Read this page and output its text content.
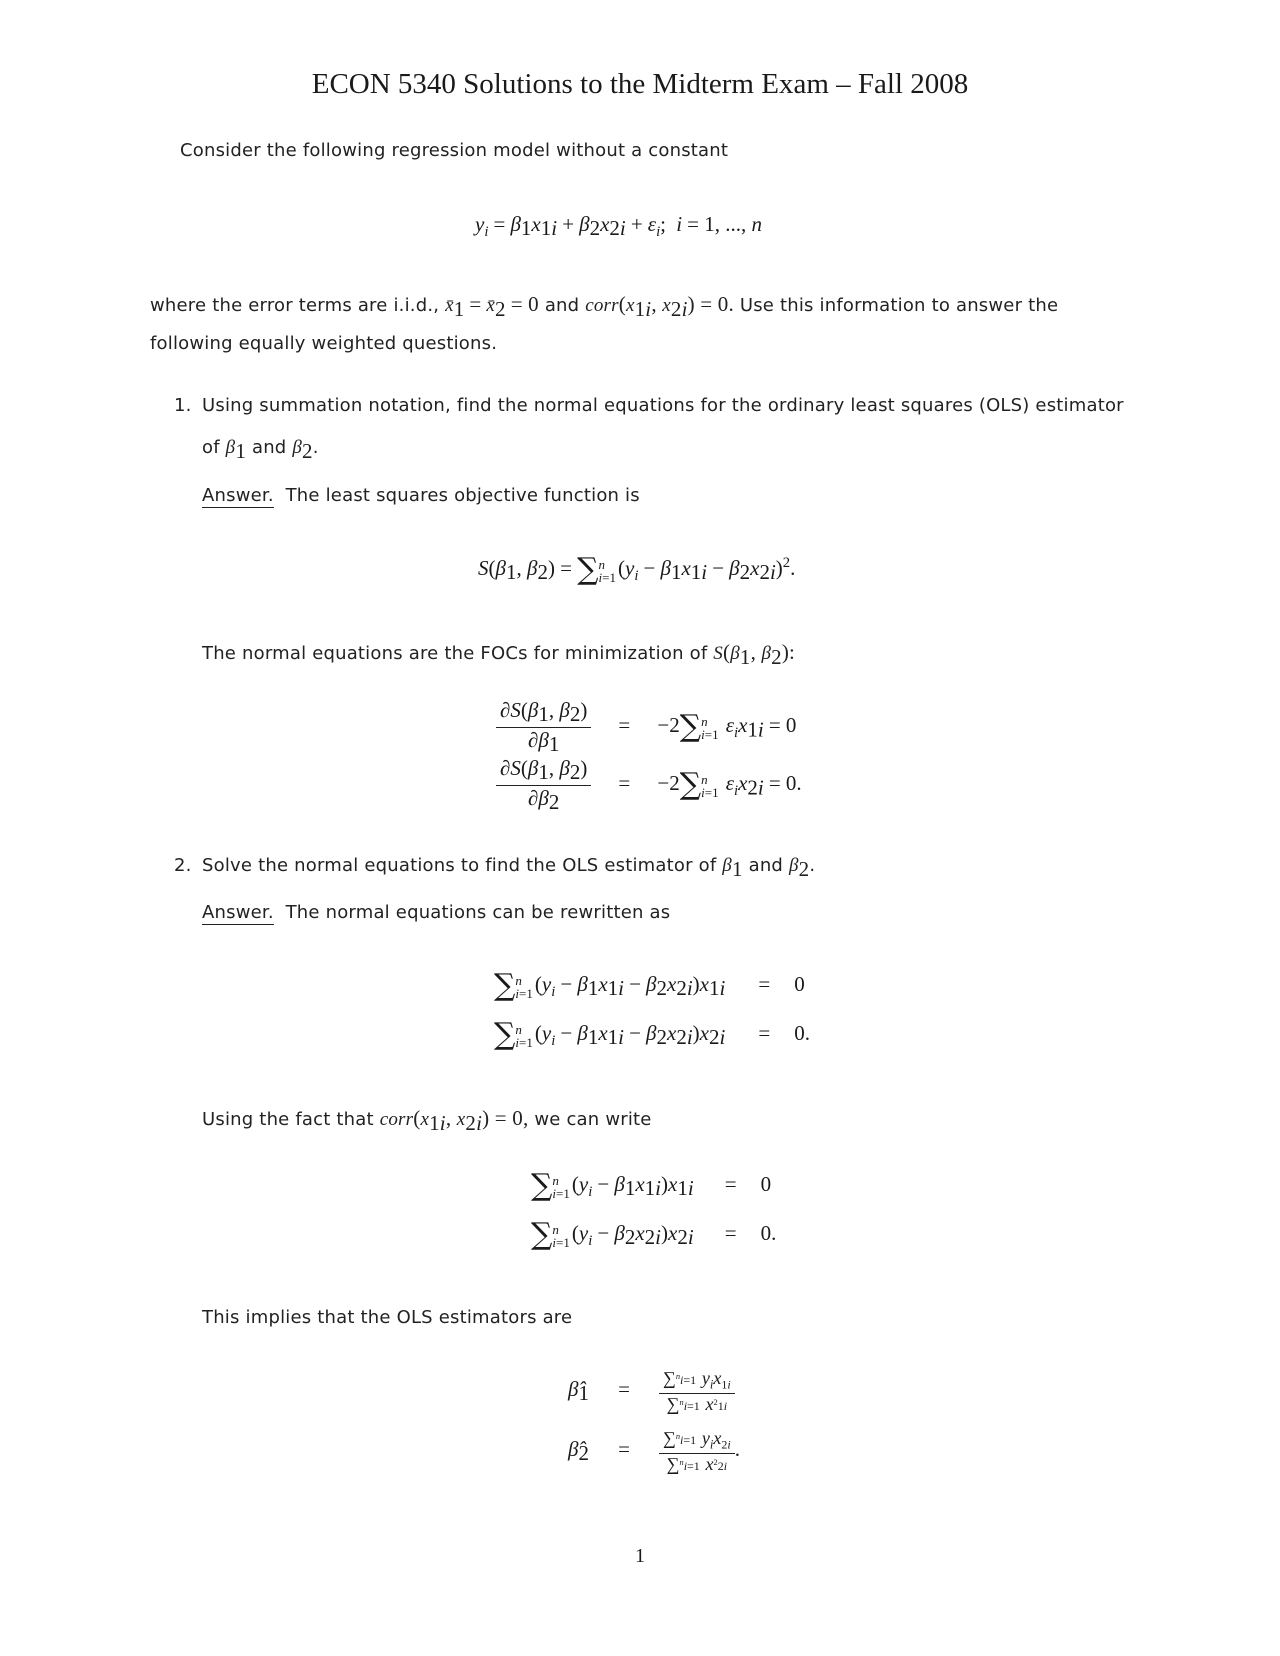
ECON 5340 Solutions to the Midterm Exam – Fall 2008
Consider the following regression model without a constant
$y_i = \beta_1x_{1i} + \beta_2x_{2i} + \varepsilon_i$; i = 1, ..., n
where the error terms are i.i.d., $x̄_1$ = $x̄_2 = 0$ and $corr(x_{1i}$, $x_{2i}) = 0$. Use this information to answer the
following equally weighted questions.
1. Using summation notation, find the normal equations for the ordinary least squares (OLS) estimator
of $\beta_1$ and $\beta_2$.
Answer. The least squares objective function is
$S(\beta_1$, $\beta_2$) = ∑ n
i=1 $(y_i - \beta_1x_{1i} - \beta_2x_{2i})^2$.
The normal equations are the FOCs for minimization of $S(\beta_1$, $\beta_2$):
$\frac{\partial S(\beta_1, \beta_2)}{\partial\beta_1} = -2\sum$ n
i=1 $\varepsilon_ix_{1i} = 0$
$\frac{\partial S(\beta_1, \beta_2)}{\partial\beta_2} = -2\sum$ n
i=1 $\varepsilon_ix_{2i} = 0$.
2. Solve the normal equations to find the OLS estimator of $\beta_1$ and $\beta_2$.
Answer. The normal equations can be rewritten as
∑ n
i=1 $(y_i - \beta_1x_{1i} - \beta_2x_{2i})x_{1i} = 0$
∑ n
i=1 $(y_i - \beta_1x_{1i} - \beta_2x_{2i})x_{2i} = 0$.
Using the fact that $corr(x_{1i}$, $x_{2i}) = 0$, we can write
∑ n
i=1 $(y_i - \beta_1x_{1i})x_{1i} = 0$
∑ n
i=1 $(y_i - \beta_2x_{2i})x_{2i} = 0$.
This implies that the OLS estimators are
$\betâ_1 = \frac{\sum^ni=1 y_ix_{1i}}{\sum^ni=1 x^21i}$
$\betâ_2 = \frac{\sum^ni=1 y_ix_{2i}}{\sum^ni=1 x^22i}$ .
1
